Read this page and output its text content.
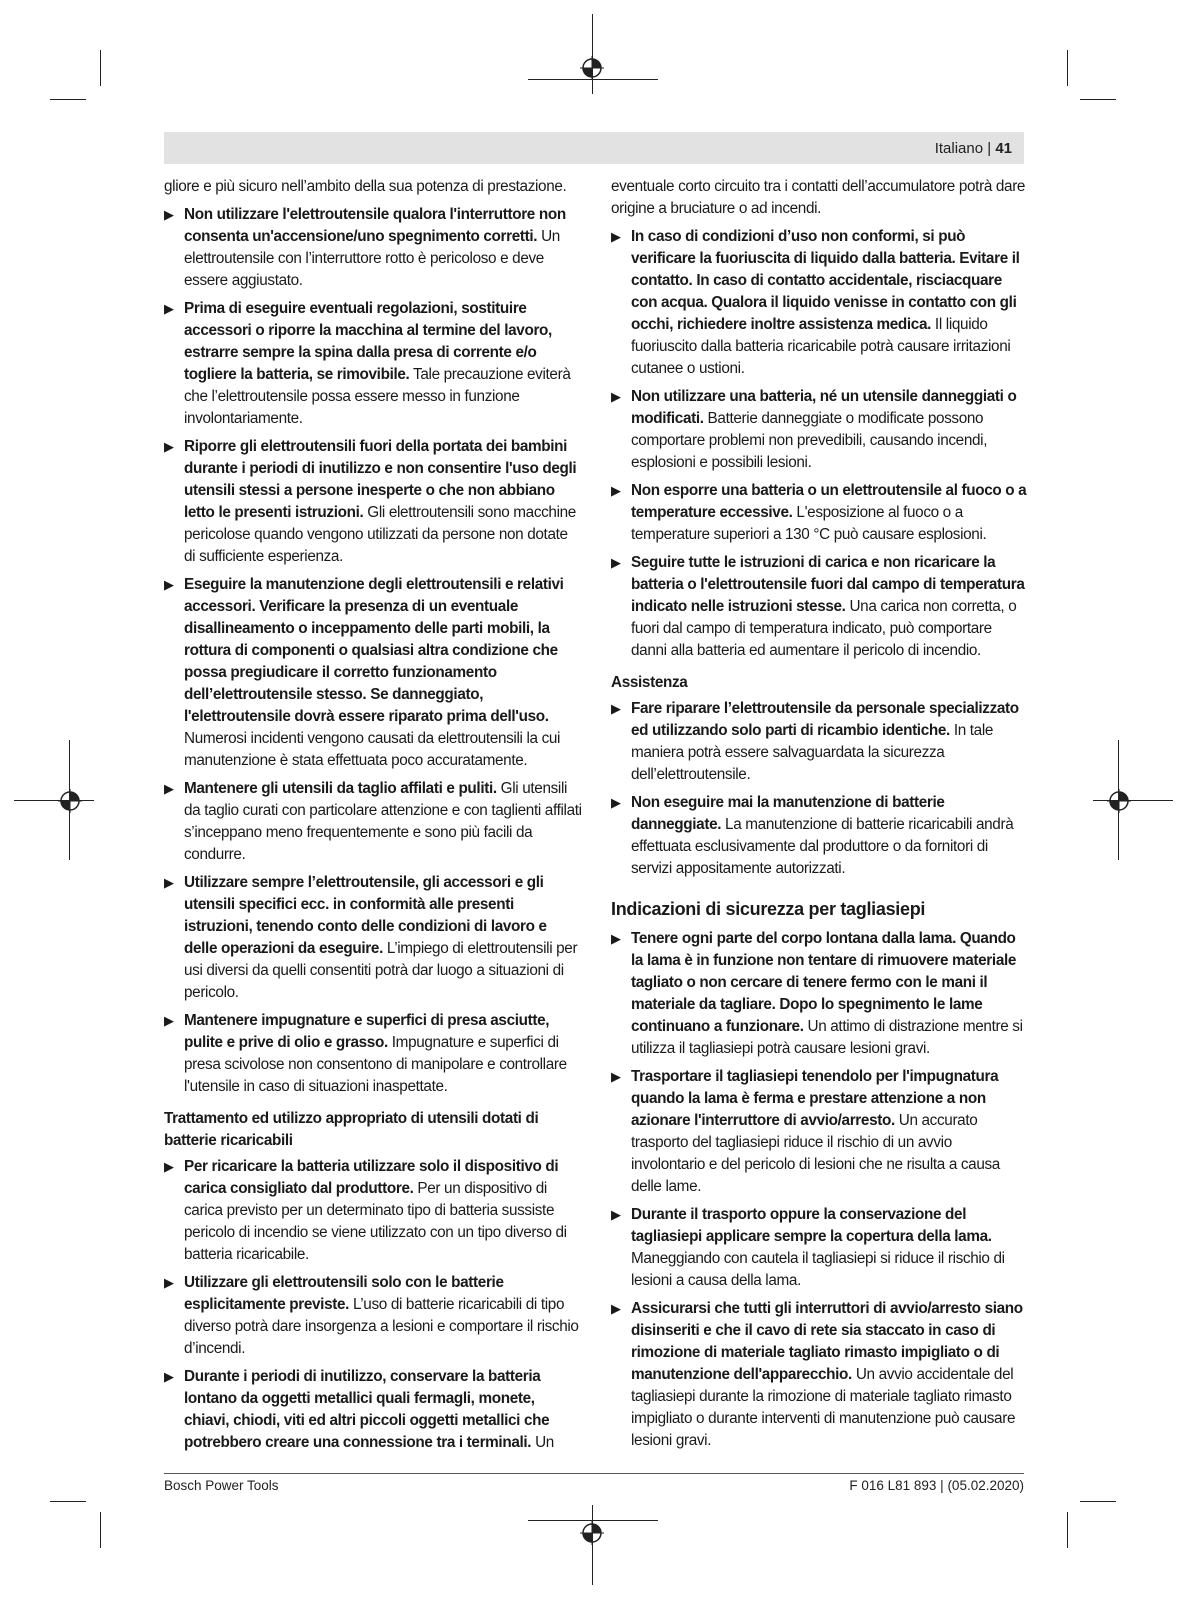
Italiano | 41
gliore e più sicuro nell’ambito della sua potenza di prestazione.
▶ Non utilizzare l'elettroutensile qualora l'interruttore non consenta un'accensione/uno spegnimento corretti. Un elettroutensile con l’interruttore rotto è pericoloso e deve essere aggiustato.
▶ Prima di eseguire eventuali regolazioni, sostituire accessori o riporre la macchina al termine del lavoro, estrarre sempre la spina dalla presa di corrente e/o togliere la batteria, se rimovibile. Tale precauzione eviterà che l’elettroutensile possa essere messo in funzione involontariamente.
▶ Riporre gli elettroutensili fuori della portata dei bambini durante i periodi di inutilizzo e non consentire l'uso degli utensili stessi a persone inesperte o che non abbiano letto le presenti istruzioni. Gli elettroutensili sono macchine pericolose quando vengono utilizzati da persone non dotate di sufficiente esperienza.
▶ Eseguire la manutenzione degli elettroutensili e relativi accessori. Verificare la presenza di un eventuale disallineamento o inceppamento delle parti mobili, la rottura di componenti o qualsiasi altra condizione che possa pregiudicare il corretto funzionamento dell’elettroutensile stesso. Se danneggiato, l'elettroutensile dovrà essere riparato prima dell'uso. Numerosi incidenti vengono causati da elettroutensili la cui manutenzione è stata effettuata poco accuratamente.
▶ Mantenere gli utensili da taglio affilati e puliti. Gli utensili da taglio curati con particolare attenzione e con taglienti affilati s’inceppano meno frequentemente e sono più facili da condurre.
▶ Utilizzare sempre l’elettroutensile, gli accessori e gli utensili specifici ecc. in conformità alle presenti istruzioni, tenendo conto delle condizioni di lavoro e delle operazioni da eseguire. L’impiego di elettroutensili per usi diversi da quelli consentiti potrà dar luogo a situazioni di pericolo.
▶ Mantenere impugnature e superfici di presa asciutte, pulite e prive di olio e grasso. Impugnature e superfici di presa scivolose non consentono di manipolare e controllare l'utensile in caso di situazioni inaspettate.
Trattamento ed utilizzo appropriato di utensili dotati di batterie ricaricabili
▶ Per ricaricare la batteria utilizzare solo il dispositivo di carica consigliato dal produttore. Per un dispositivo di carica previsto per un determinato tipo di batteria sussiste pericolo di incendio se viene utilizzato con un tipo diverso di batteria ricaricabile.
▶ Utilizzare gli elettroutensili solo con le batterie esplicitamente previste. L’uso di batterie ricaricabili di tipo diverso potrà dare insorgenza a lesioni e comportare il rischio d’incendi.
▶ Durante i periodi di inutilizzo, conservare la batteria lontano da oggetti metallici quali fermagli, monete, chiavi, chiodi, viti ed altri piccoli oggetti metallici che potrebbero creare una connessione tra i terminali. Un
eventuale corto circuito tra i contatti dell’accumulatore potrà dare origine a bruciature o ad incendi.
▶ In caso di condizioni d’uso non conformi, si può verificare la fuoriuscita di liquido dalla batteria. Evitare il contatto. In caso di contatto accidentale, risciacquare con acqua. Qualora il liquido venisse in contatto con gli occhi, richiedere inoltre assistenza medica. Il liquido fuoriuscito dalla batteria ricaricabile potrà causare irritazioni cutanee o ustioni.
▶ Non utilizzare una batteria, né un utensile danneggiati o modificati. Batterie danneggiate o modificate possono comportare problemi non prevedibili, causando incendi, esplosioni e possibili lesioni.
▶ Non esporre una batteria o un elettroutensile al fuoco o a temperature eccessive. L'esposizione al fuoco o a temperature superiori a 130 °C può causare esplosioni.
▶ Seguire tutte le istruzioni di carica e non ricaricare la batteria o l'elettroutensile fuori dal campo di temperatura indicato nelle istruzioni stesse. Una carica non corretta, o fuori dal campo di temperatura indicato, può comportare danni alla batteria ed aumentare il pericolo di incendio.
Assistenza
▶ Fare riparare l’elettroutensile da personale specializzato ed utilizzando solo parti di ricambio identiche. In tale maniera potrà essere salvaguardata la sicurezza dell’elettroutensile.
▶ Non eseguire mai la manutenzione di batterie danneggiate. La manutenzione di batterie ricaricabili andrà effettuata esclusivamente dal produttore o da fornitori di servizi appositamente autorizzati.
Indicazioni di sicurezza per tagliasiepi
▶ Tenere ogni parte del corpo lontana dalla lama. Quando la lama è in funzione non tentare di rimuovere materiale tagliato o non cercare di tenere fermo con le mani il materiale da tagliare. Dopo lo spegnimento le lame continuano a funzionare. Un attimo di distrazione mentre si utilizza il tagliasiepi potrà causare lesioni gravi.
▶ Trasportare il tagliasiepi tenendolo per l'impugnatura quando la lama è ferma e prestare attenzione a non azionare l'interruttore di avvio/arresto. Un accurato trasporto del tagliasiepi riduce il rischio di un avvio involontario e del pericolo di lesioni che ne risulta a causa delle lame.
▶ Durante il trasporto oppure la conservazione del tagliasiepi applicare sempre la copertura della lama. Maneggiando con cautela il tagliasiepi si riduce il rischio di lesioni a causa della lama.
▶ Assicurarsi che tutti gli interruttori di avvio/arresto siano disinseriti e che il cavo di rete sia staccato in caso di rimozione di materiale tagliato rimasto impigliato o di manutenzione dell'apparecchio. Un avvio accidentale del tagliasiepi durante la rimozione di materiale tagliato rimasto impigliato o durante interventi di manutenzione può causare lesioni gravi.
Bosch Power Tools	F 016 L81 893 | (05.02.2020)
